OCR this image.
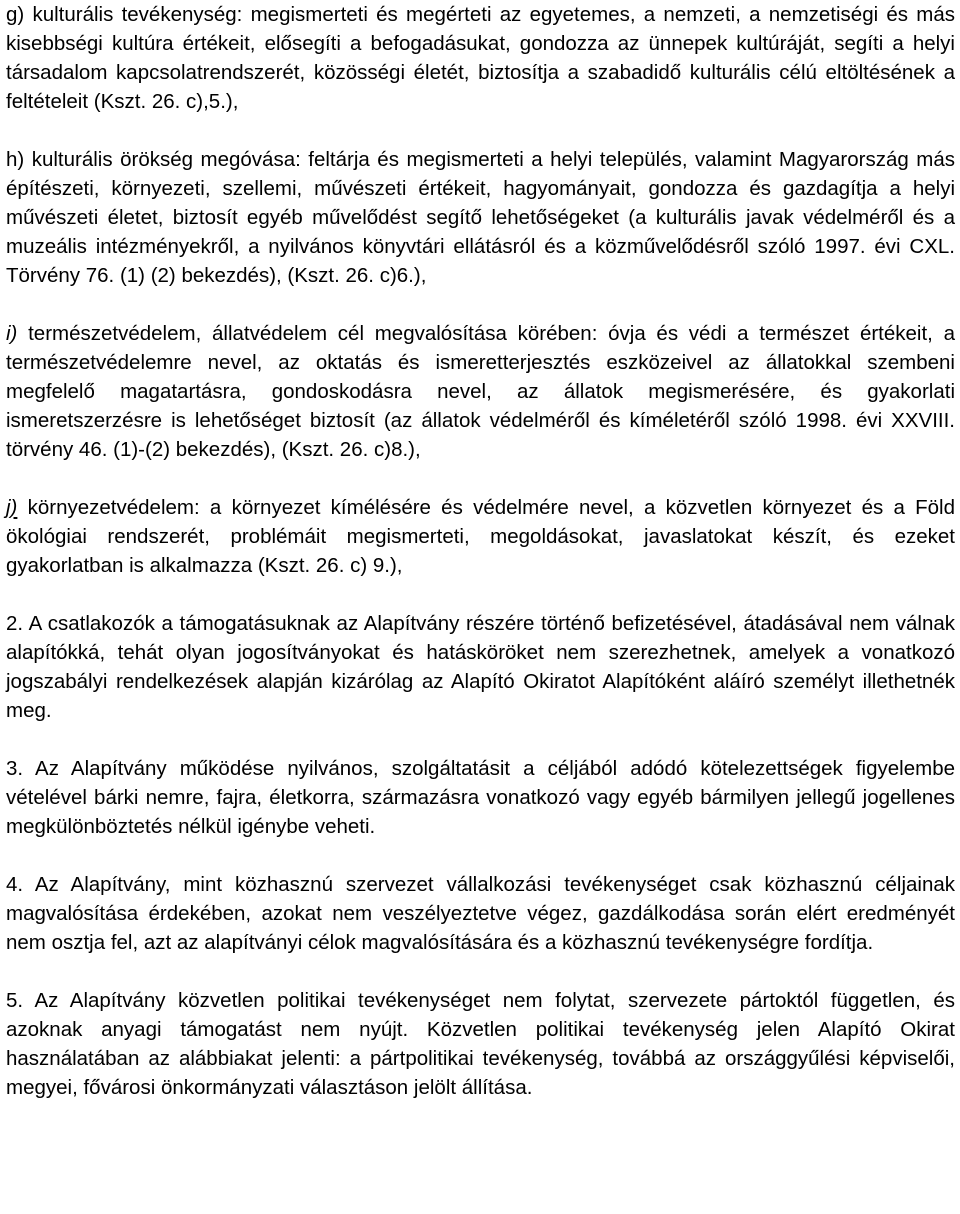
g) kulturális tevékenység: megismerteti és megérteti az egyetemes, a nemzeti, a nemzetiségi és más kisebbségi kultúra értékeit, elősegíti a befogadásukat, gondozza az ünnepek kultúráját, segíti a helyi társadalom kapcsolatrendszerét, közösségi életét, biztosítja a szabadidő kulturális célú eltöltésének a feltételeit (Kszt. 26. c),5.),

h) kulturális örökség megóvása: feltárja és megismerteti a helyi település, valamint Magyarország más építészeti, környezeti, szellemi, művészeti értékeit, hagyományait, gondozza és gazdagítja a helyi művészeti életet, biztosít egyéb művelődést segítő lehetőségeket (a kulturális javak védelméről és a muzeális intézményekről, a nyilvános könyvtári ellátásról és a közművelődésről szóló 1997. évi CXL. Törvény 76. (1) (2) bekezdés), (Kszt. 26. c)6.),

i) természetvédelem, állatvédelem cél megvalósítása körében: óvja és védi a természet értékeit, a természetvédelemre nevel, az oktatás és ismeretterjesztés eszközeivel az állatokkal szembeni megfelelő magatartásra, gondoskodásra nevel, az állatok megismerésére, és gyakorlati ismeretszerzésre is lehetőséget biztosít (az állatok védelméről és kíméletéről szóló 1998. évi XXVIII. törvény 46. (1)-(2) bekezdés), (Kszt. 26. c)8.),

j) környezetvédelem: a környezet kímélésére és védelmére nevel, a közvetlen környezet és a Föld ökológiai rendszerét, problémáit megismerteti, megoldásokat, javaslatokat készít, és ezeket gyakorlatban is alkalmazza (Kszt. 26. c) 9.),

2. A csatlakozók a támogatásuknak az Alapítvány részére történő befizetésével, átadásával nem válnak alapítókká, tehát olyan jogosítványokat és hatásköröket nem szerezhetnek, amelyek a vonatkozó jogszabályi rendelkezések alapján kizárólag az Alapító Okiratot Alapítóként aláíró személyt illethetnék meg.

3. Az Alapítvány működése nyilvános, szolgáltatásit a céljából adódó kötelezettségek figyelembe vételével bárki nemre, fajra, életkorra, származásra vonatkozó vagy egyéb bármilyen jellegű jogellenes megkülönböztetés nélkül igénybe veheti.

4. Az Alapítvány, mint közhasznú szervezet vállalkozási tevékenységet csak közhasznú céljainak magvalósítása érdekében, azokat nem veszélyeztetve végez, gazdálkodása során elért eredményét nem osztja fel, azt az alapítványi célok magvalósítására és a közhasznú tevékenységre fordítja.

5. Az Alapítvány közvetlen politikai tevékenységet nem folytat, szervezete pártoktól független, és azoknak anyagi támogatást nem nyújt. Közvetlen politikai tevékenység jelen Alapító Okirat használatában az alábbiakat jelenti: a pártpolitikai tevékenység, továbbá az országgyűlési képviselői, megyei, fővárosi önkormányzati választáson jelölt állítása.
